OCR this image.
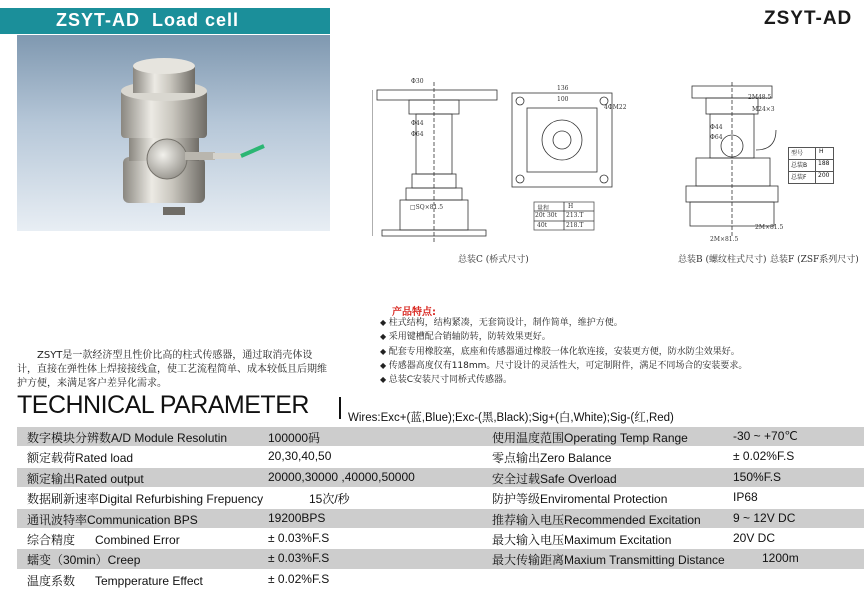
ZSYT-AD  Load cell	ZSYT-AD
Φ30
Φ44
Φ64
□SQ×81.5
136
100
4ΦM22
量程	H
20t 30t 213.T
40t	218.T
总装C (桥式尺寸)
Φ44
Φ64
2M×81.5
2M×81.5
2M48.5
M24×3
型号	H
总装B	188
总装F	200
总装B (螺纹柱式尺寸) 总装F (ZSF系列尺寸)
ZSYT是一款经济型且性价比高的柱式传感器，通过取消壳体设计，直接在弹性体上焊接接线盒，使工艺流程简单、成本较低且后期维护方便，来满足客户差异化需求。
产品特点:
◆ 柱式结构，结构紧凑，无套筒设计，制作简单，维护方便。
◆ 采用键槽配合销轴防转，防转效果更好。
◆ 配套专用橡胶塞，底座和传感器通过橡胶一体化软连接，安装更方便，防水防尘效果好。
◆ 传感器高度仅有118mm。尺寸设计的灵活性大，可定制附件，满足不同场合的安装要求。
◆ 总装C安装尺寸同桥式传感器。
TECHNICAL PARAMETER	Wires:Exc+(蓝,Blue);Exc-(黑,Black);Sig+(白,White);Sig-(红,Red)
数字模块分辨数A/D Module Resolutin	100000码	使用温度范围Operating Temp Range	-30 ~ +70℃
额定载荷Rated load	20,30,40,50	零点输出Zero Balance	± 0.02%F.S
额定输出Rated output	20000,30000 ,40000,50000	安全过载Safe Overload	150%F.S
数据刷新速率Digital Refurbishing Frepuency	15次/秒	防护等级Enviromental Protection	IP68
通讯波特率Communication BPS	19200BPS	推荐输入电压Recommended Excitation	9 ~ 12V DC
综合精度      Combined Error	± 0.03%F.S	最大输入电压Maximum Excitation	20V DC
蠕变（30min）Creep	± 0.03%F.S	最大传输距离Maxium Transmitting Distance	1200m
温度系数      Tempperature Effect	± 0.02%F.S
